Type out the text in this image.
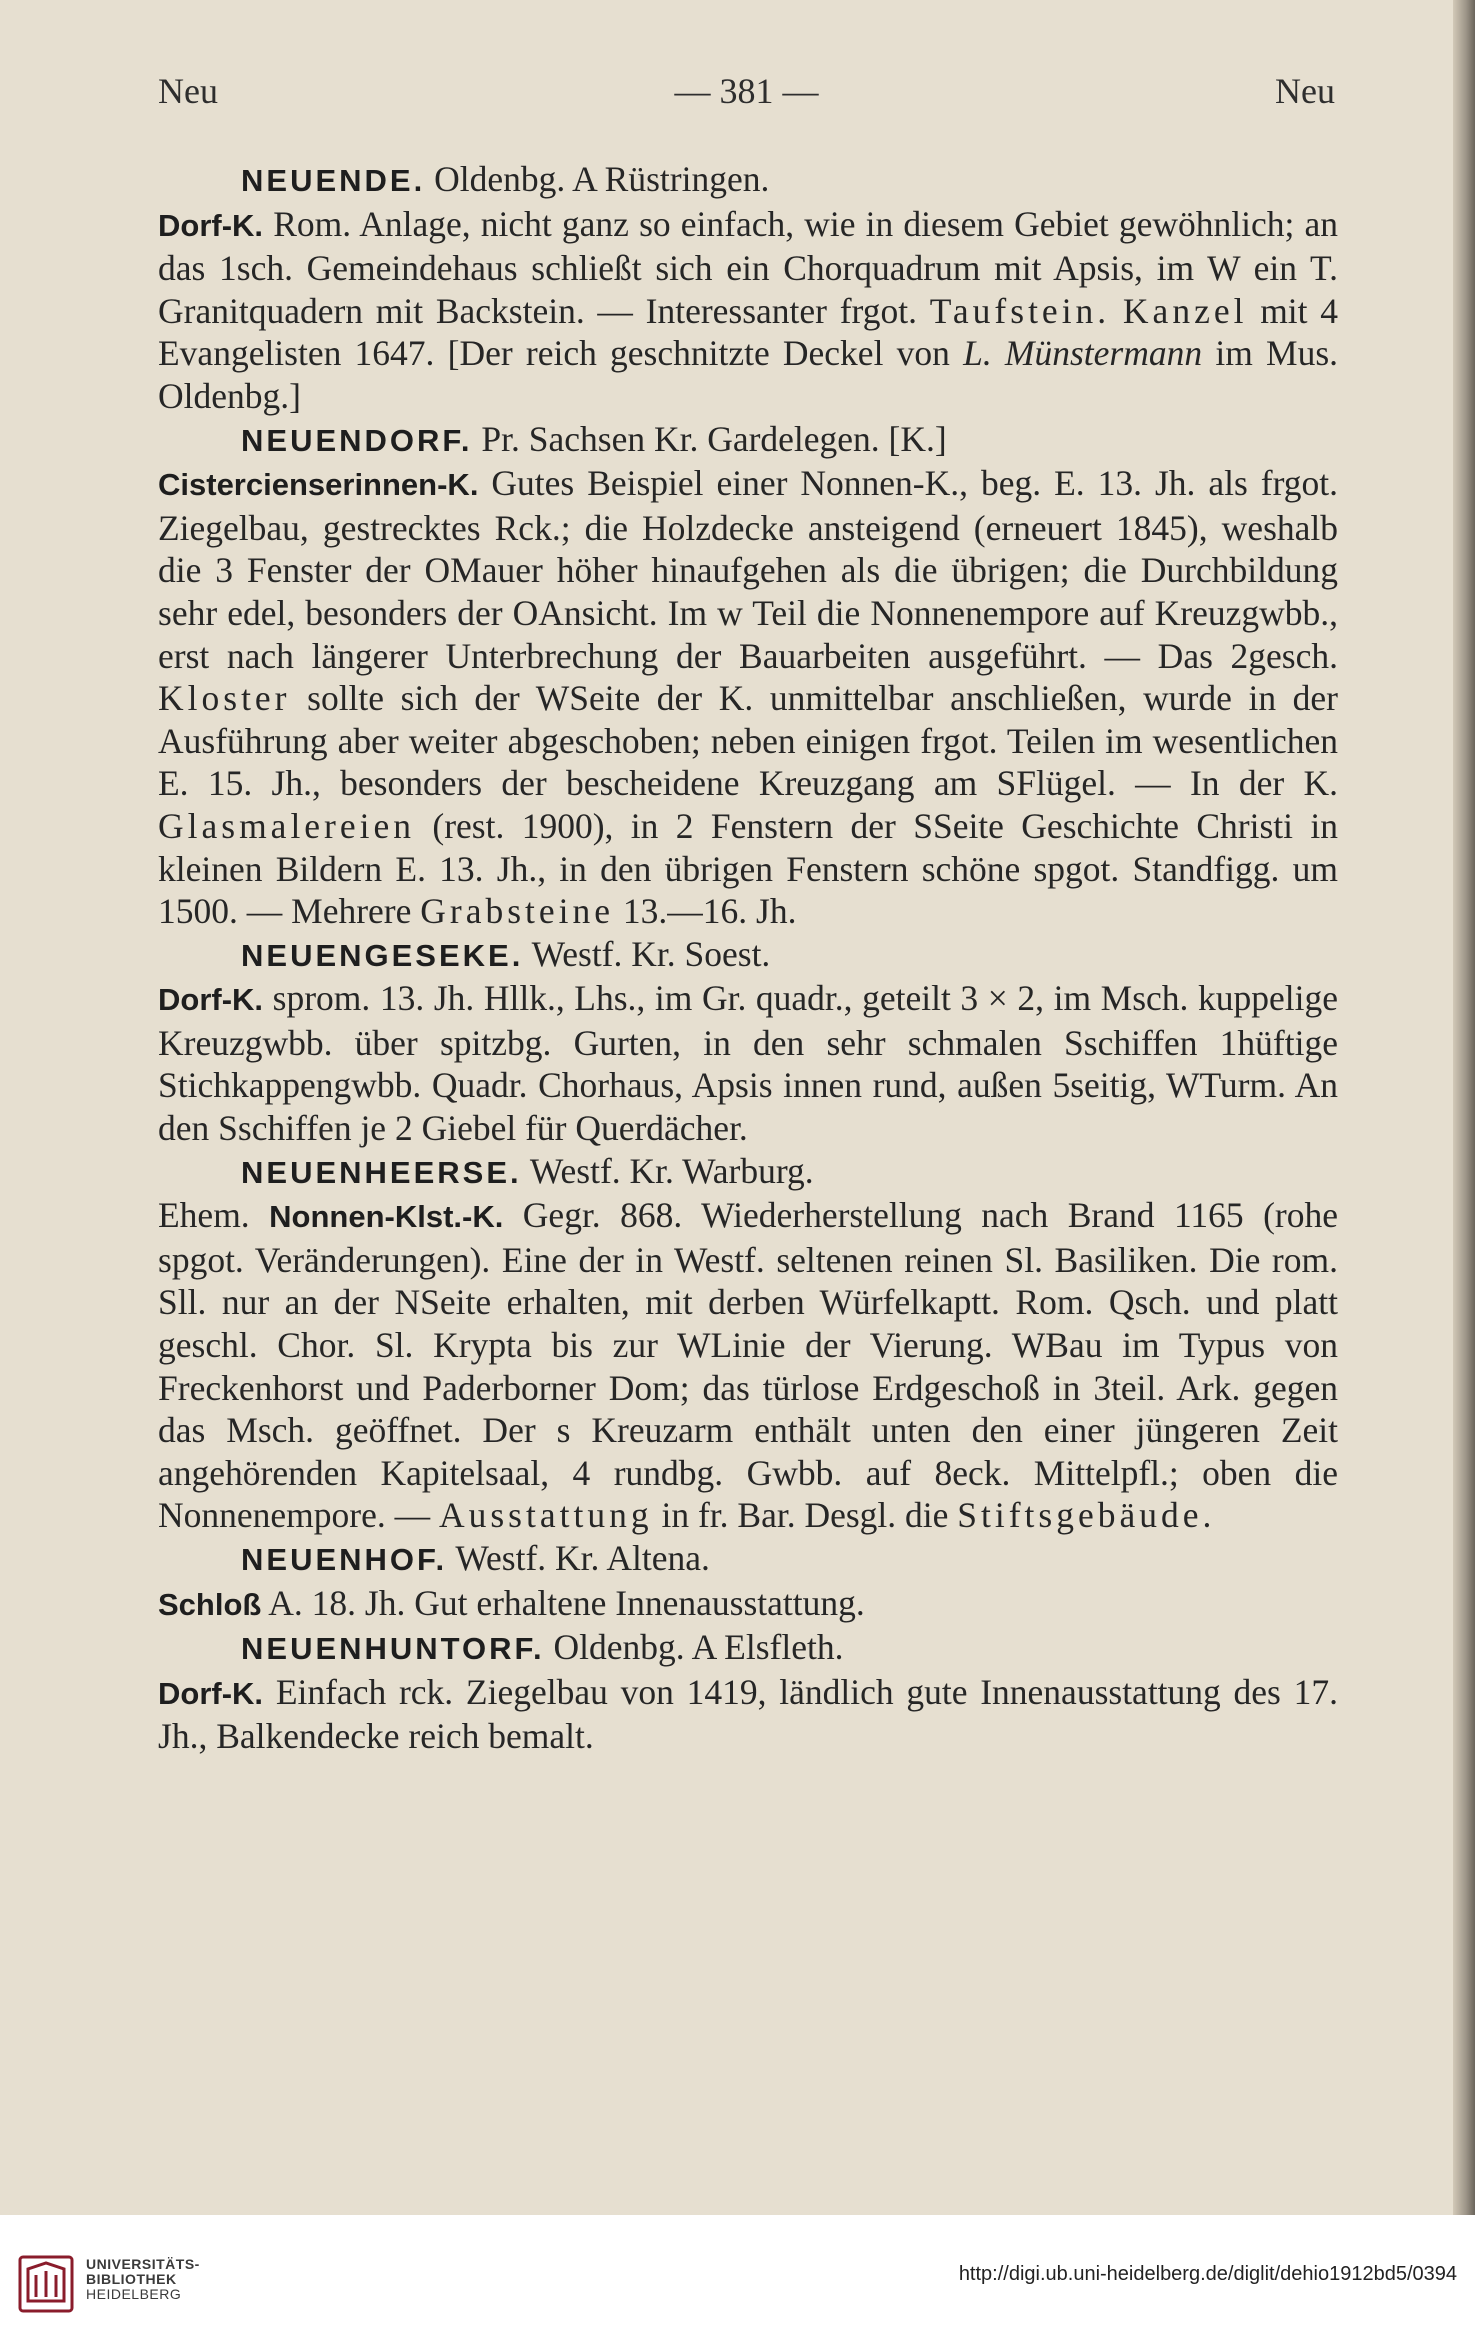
Neu	— 381 —	Neu

NEUENDE. Oldenbg. A Rüstringen.

Dorf-K. Rom. Anlage, nicht ganz so einfach, wie in diesem Gebiet gewöhnlich; an das 1sch. Gemeindehaus schließt sich ein Chorquadrum mit Apsis, im W ein T. Granitquadern mit Backstein. — Interessanter frgot. Taufstein. Kanzel mit 4 Evangelisten 1647. [Der reich geschnitzte Deckel von L. Münstermann im Mus. Oldenbg.]

NEUENDORF. Pr. Sachsen Kr. Gardelegen. [K.]

Cistercienserinnen-K. Gutes Beispiel einer Nonnen-K., beg. E. 13. Jh. als frgot. Ziegelbau, gestrecktes Rck.; die Holzdecke ansteigend (erneuert 1845), weshalb die 3 Fenster der OMauer höher hinaufgehen als die übrigen; die Durchbildung sehr edel, besonders der OAnsicht. Im w Teil die Nonnenempore auf Kreuzgwbb., erst nach längerer Unterbrechung der Bauarbeiten ausgeführt. — Das 2gesch. Kloster sollte sich der WSeite der K. unmittelbar anschließen, wurde in der Ausführung aber weiter abgeschoben; neben einigen frgot. Teilen im wesentlichen E. 15. Jh., besonders der bescheidene Kreuzgang am SFlügel. — In der K. Glasmalereien (rest. 1900), in 2 Fenstern der SSeite Geschichte Christi in kleinen Bildern E. 13. Jh., in den übrigen Fenstern schöne spgot. Standfigg. um 1500. — Mehrere Grabsteine 13.—16. Jh.

NEUENGESEKE. Westf. Kr. Soest.

Dorf-K. sprom. 13. Jh. Hllk., Lhs., im Gr. quadr., geteilt 3 × 2, im Msch. kuppelige Kreuzgwbb. über spitzbg. Gurten, in den sehr schmalen Sschiffen 1hüftige Stichkappengwbb. Quadr. Chorhaus, Apsis innen rund, außen 5seitig, WTurm. An den Sschiffen je 2 Giebel für Querdächer.

NEUENHEERSE. Westf. Kr. Warburg.

Ehem. Nonnen-Klst.-K. Gegr. 868. Wiederherstellung nach Brand 1165 (rohe spgot. Veränderungen). Eine der in Westf. seltenen reinen Sl. Basiliken. Die rom. Sll. nur an der NSeite erhalten, mit derben Würfelkaptt. Rom. Qsch. und platt geschl. Chor. Sl. Krypta bis zur WLinie der Vierung. WBau im Typus von Freckenhorst und Paderborner Dom; das türlose Erdgeschoß in 3teil. Ark. gegen das Msch. geöffnet. Der s Kreuzarm enthält unten den einer jüngeren Zeit angehörenden Kapitelsaal, 4 rundbg. Gwbb. auf 8eck. Mittelpfl.; oben die Nonnenempore. — Ausstattung in fr. Bar. Desgl. die Stiftsgebäude.

NEUENHOF. Westf. Kr. Altena.

Schloß A. 18. Jh. Gut erhaltene Innenausstattung.

NEUENHUNTORF. Oldenbg. A Elsfleth.

Dorf-K. Einfach rck. Ziegelbau von 1419, ländlich gute Innenausstattung des 17. Jh., Balkendecke reich bemalt.

UNIVERSITÄTS-
BIBLIOTHEK
HEIDELBERG
http://digi.ub.uni-heidelberg.de/diglit/dehio1912bd5/0394
